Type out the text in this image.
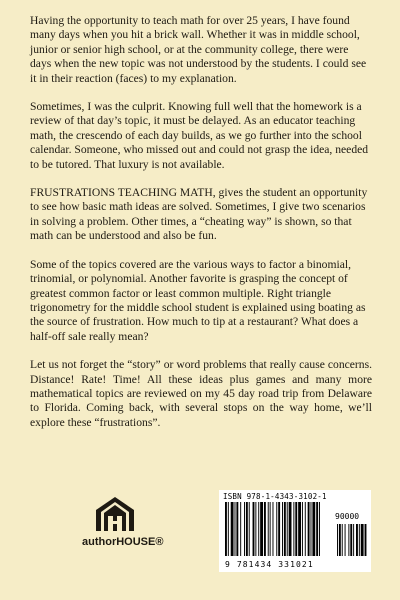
Having the opportunity to teach math for over 25 years, I have found many days when you hit a brick wall. Whether it was in middle school, junior or senior high school, or at the community college, there were days when the new topic was not understood by the students. I could see it in their reaction (faces) to my explanation.

Sometimes, I was the culprit. Knowing full well that the homework is a review of that day’s topic, it must be delayed. As an educator teaching math, the crescendo of each day builds, as we go further into the school calendar. Someone, who missed out and could not grasp the idea, needed to be tutored. That luxury is not available.

FRUSTRATIONS TEACHING MATH, gives the student an opportunity to see how basic math ideas are solved. Sometimes, I give two scenarios in solving a problem. Other times, a “cheating way” is shown, so that math can be understood and also be fun.

Some of the topics covered are the various ways to factor a binomial, trinomial, or polynomial. Another favorite is grasping the concept of greatest common factor or least common multiple. Right triangle trigonometry for the middle school student is explained using boating as the source of frustration. How much to tip at a restaurant? What does a half-off sale really mean?

Let us not forget the “story” or word problems that really cause concerns. Distance! Rate! Time! All these ideas plus games and many more mathematical topics are reviewed on my 45 day road trip from Delaware to Florida. Coming back, with several stops on the way home, we’ll explore these “frustrations”.

authorHOUSE®
ISBN 978-1-4343-3102-1
90000
9 781434 331021
